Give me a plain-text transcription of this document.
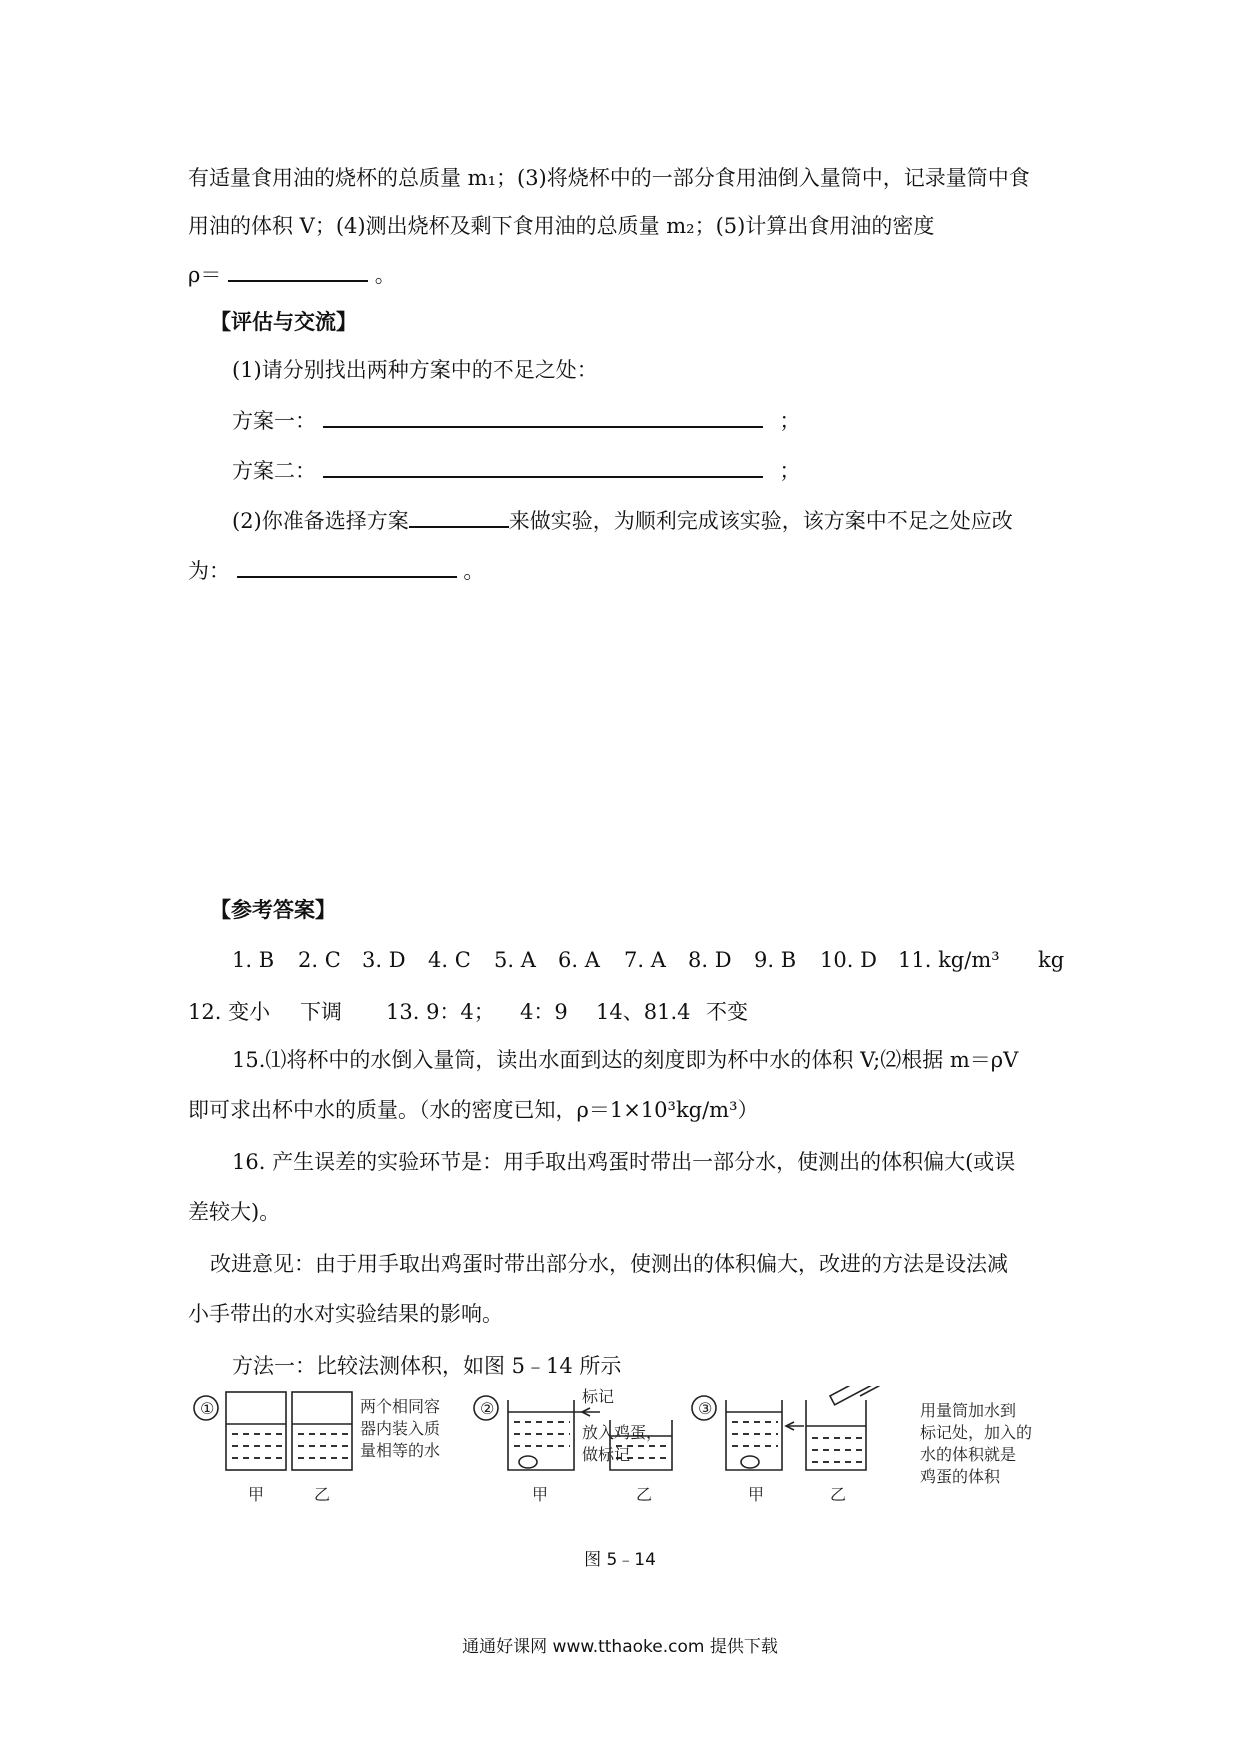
有适量食用油的烧杯的总质量 m₁；(3)将烧杯中的一部分食用油倒入量筒中，记录量筒中食
用油的体积 V；(4)测出烧杯及剩下食用油的总质量 m₂；(5)计算出食用油的密度
ρ＝	。
【评估与交流】
(1)请分别找出两种方案中的不足之处：
方案一：	；
方案二：	；
(2)你准备选择方案	来做实验，为顺利完成该实验，该方案中不足之处应改
为：	。
【参考答案】
1. B 2. C 3. D 4. C 5. A 6. A 7. A 8. D 9. B 10. D 11. kg/m³ kg
12. 变小 下调 13. 9：4； 4：9 14、81.4 不变
15.⑴将杯中的水倒入量筒，读出水面到达的刻度即为杯中水的体积 V;⑵根据 m＝ρV
即可求出杯中水的质量。（水的密度已知，ρ＝1×10³kg/m³）
16. 产生误差的实验环节是：用手取出鸡蛋时带出一部分水，使测出的体积偏大(或误
差较大)。
改进意见：由于用手取出鸡蛋时带出部分水，使测出的体积偏大，改进的方法是设法减
小手带出的水对实验结果的影响。
方法一：比较法测体积，如图 5﹣14 所示
①	②	③
甲	乙	甲	乙	甲	乙
两个相同容
器内装入质
量相等的水
标记
放入鸡蛋，
做标记
用量筒加水到
标记处，加入的
水的体积就是
鸡蛋的体积
图 5﹣14
通通好课网 www.tthaoke.com 提供下载
